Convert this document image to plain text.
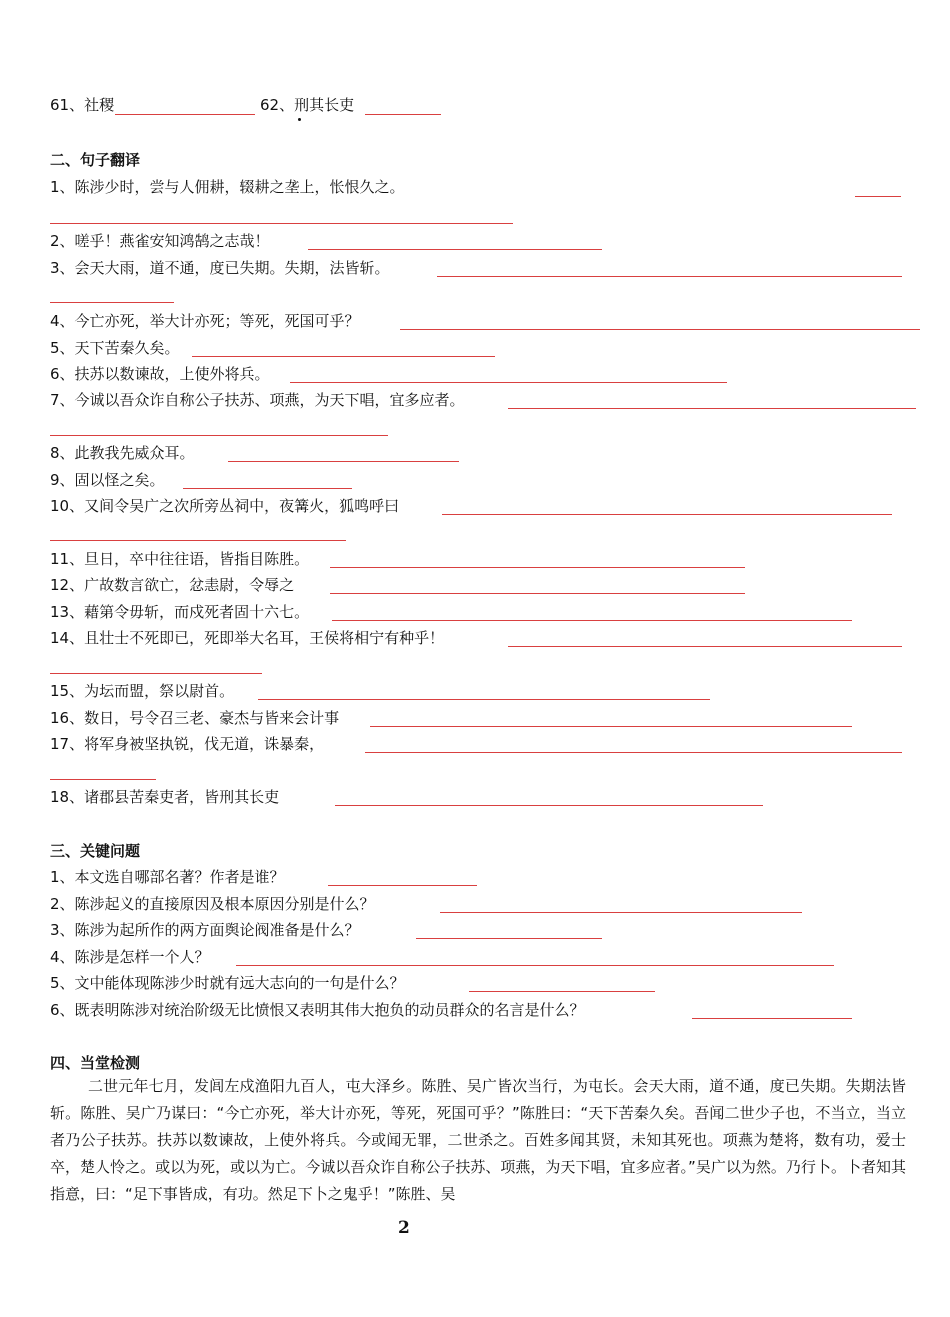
61、社稷	62、刑其长吏
二、句子翻译
1、陈涉少时，尝与人佣耕，辍耕之垄上，怅恨久之。
2、嗟乎！燕雀安知鸿鹄之志哉！
3、会天大雨，道不通，度已失期。失期，法皆斩。
4、今亡亦死，举大计亦死；等死，死国可乎？
5、天下苦秦久矣。
6、扶苏以数谏故，上使外将兵。
7、今诚以吾众诈自称公子扶苏、项燕，为天下唱，宜多应者。
8、此教我先威众耳。
9、固以怪之矣。
10、又间令吴广之次所旁丛祠中，夜篝火，狐鸣呼曰
11、旦日，卒中往往语，皆指目陈胜。
12、广故数言欲亡，忿恚尉，令辱之
13、藉第令毋斩，而戍死者固十六七。
14、且壮士不死即已，死即举大名耳，王侯将相宁有种乎！
15、为坛而盟，祭以尉首。
16、数日，号令召三老、豪杰与皆来会计事
17、将军身被坚执锐，伐无道，诛暴秦，
18、诸郡县苦秦吏者，皆刑其长吏
三、关键问题
1、本文选自哪部名著？作者是谁？
2、陈涉起义的直接原因及根本原因分别是什么？
3、陈涉为起所作的两方面舆论阀准备是什么？
4、陈涉是怎样一个人？
5、文中能体现陈涉少时就有远大志向的一句是什么？
6、既表明陈涉对统治阶级无比愤恨又表明其伟大抱负的动员群众的名言是什么？
四、当堂检测

二世元年七月，发闾左戍渔阳九百人，屯大泽乡。陈胜、吴广皆次当行，为屯长。会天大雨，道不通，度已失期。失期法皆斩。陈胜、吴广乃谋曰：“今亡亦死，举大计亦死，等死，死国可乎？”陈胜曰：“天下苦秦久矣。吾闻二世少子也，不当立，当立者乃公子扶苏。扶苏以数谏故，上使外将兵。今或闻无罪，二世杀之。百姓多闻其贤，未知其死也。项燕为楚将，数有功，爱士卒，楚人怜之。或以为死，或以为亡。今诚以吾众诈自称公子扶苏、项燕，为天下唱，宜多应者。”吴广以为然。乃行卜。卜者知其指意，曰：“足下事皆成，有功。然足下卜之鬼乎！”陈胜、吴

2
